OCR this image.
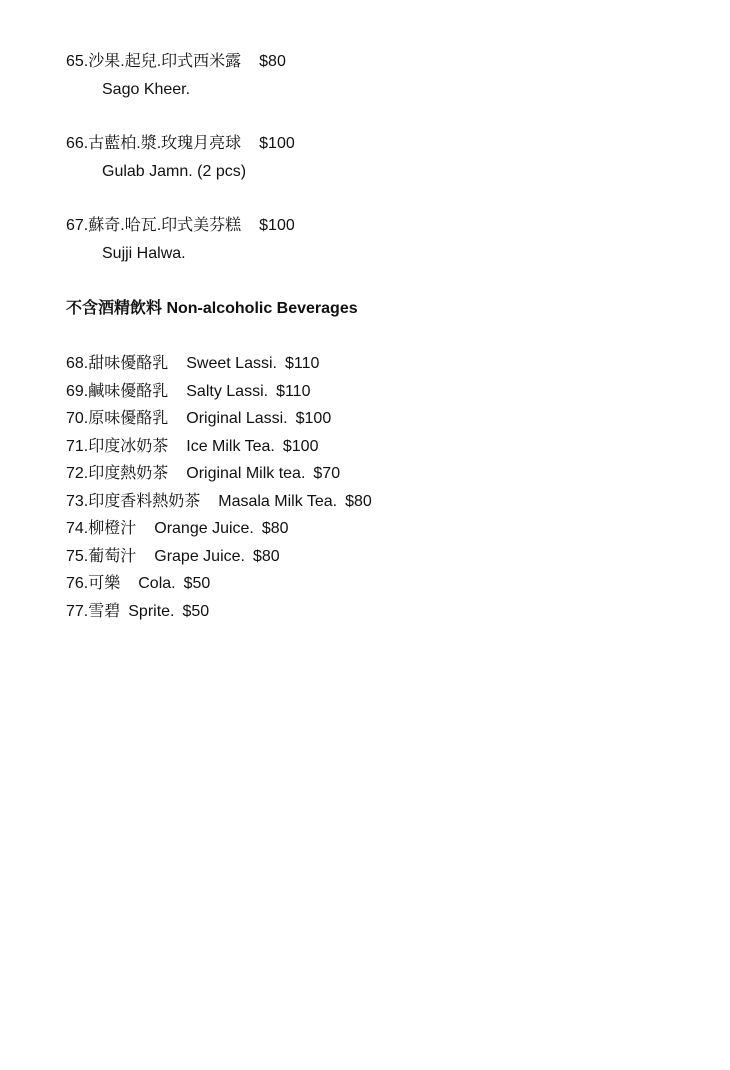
65.沙果.起兒.印式西米露 $80
Sago Kheer.
66.古藍柏.漿.玫瑰月亮球 $100
Gulab Jamn. (2 pcs)
67.蘇奇.哈瓦.印式美芬糕 $100
Sujji Halwa.
不含酒精飲料 Non-alcoholic Beverages
68.甜味優酪乳 Sweet Lassi. $110
69.鹹味優酪乳 Salty Lassi. $110
70.原味優酪乳 Original Lassi. $100
71.印度冰奶茶 Ice Milk Tea. $100
72.印度熱奶茶 Original Milk tea. $70
73.印度香料熱奶茶 Masala Milk Tea. $80
74.柳橙汁 Orange Juice. $80
75.葡萄汁 Grape Juice. $80
76.可樂 Cola. $50
77.雪碧 Sprite. $50
